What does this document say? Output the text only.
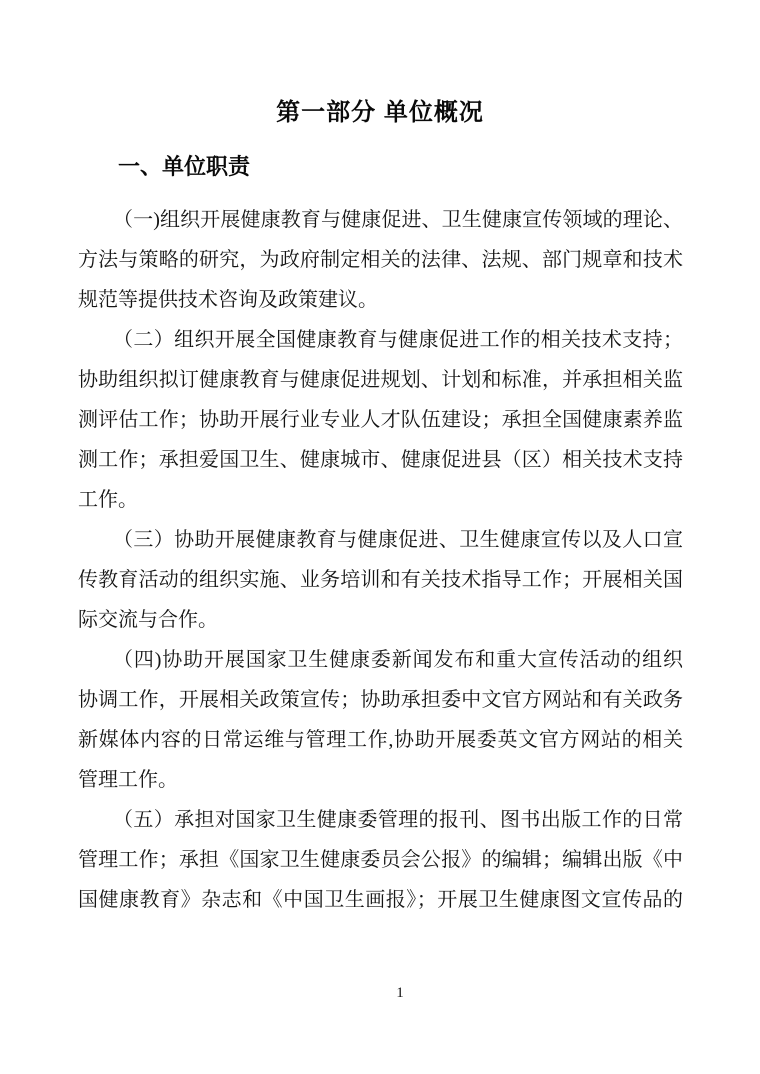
第一部分 单位概况
一、单位职责
（一)组织开展健康教育与健康促进、卫生健康宣传领域的理论、
方法与策略的研究，为政府制定相关的法律、法规、部门规章和技术
规范等提供技术咨询及政策建议。
（二）组织开展全国健康教育与健康促进工作的相关技术支持；
协助组织拟订健康教育与健康促进规划、计划和标准，并承担相关监
测评估工作；协助开展行业专业人才队伍建设；承担全国健康素养监
测工作；承担爱国卫生、健康城市、健康促进县（区）相关技术支持
工作。
（三）协助开展健康教育与健康促进、卫生健康宣传以及人口宣
传教育活动的组织实施、业务培训和有关技术指导工作；开展相关国
际交流与合作。
（四)协助开展国家卫生健康委新闻发布和重大宣传活动的组织
协调工作，开展相关政策宣传；协助承担委中文官方网站和有关政务
新媒体内容的日常运维与管理工作,协助开展委英文官方网站的相关
管理工作。
（五）承担对国家卫生健康委管理的报刊、图书出版工作的日常
管理工作；承担《国家卫生健康委员会公报》的编辑；编辑出版《中
国健康教育》杂志和《中国卫生画报》；开展卫生健康图文宣传品的
1
